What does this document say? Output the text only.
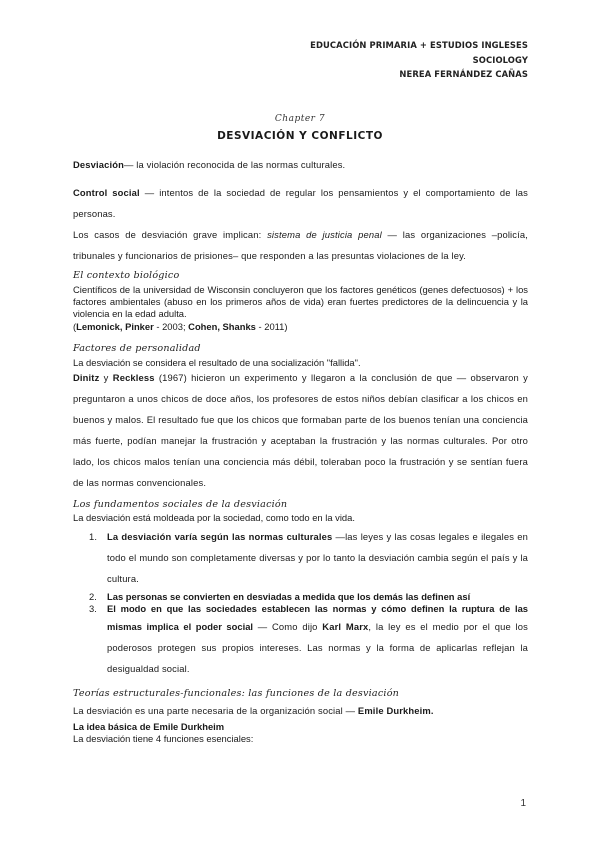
EDUCACIÓN PRIMARIA + ESTUDIOS INGLESES
SOCIOLOGY
NEREA FERNÁNDEZ CAÑAS
Chapter 7
DESVIACIÓN Y CONFLICTO

Desviación— la violación reconocida de las normas culturales.

Control social — intentos de la sociedad de regular los pensamientos y el comportamiento de las personas.

Los casos de desviación grave implican: sistema de justicia penal — las organizaciones –policía, tribunales y funcionarios de prisiones– que responden a las presuntas violaciones de la ley.

El contexto biológico

Científicos de la universidad de Wisconsin concluyeron que los factores genéticos (genes defectuosos) + los factores ambientales (abuso en los primeros años de vida) eran fuertes predictores de la delincuencia y la violencia en la edad adulta.

(Lemonick, Pinker - 2003; Cohen, Shanks - 2011)

Factores de personalidad

La desviación se considera el resultado de una socialización "fallida".

Dinitz y Reckless (1967) hicieron un experimento y llegaron a la conclusión de que — observaron y preguntaron a unos chicos de doce años, los profesores de estos niños debían clasificar a los chicos en buenos y malos. El resultado fue que los chicos que formaban parte de los buenos tenían una conciencia más fuerte, podían manejar la frustración y aceptaban la frustración y las normas culturales. Por otro lado, los chicos malos tenían una conciencia más débil, toleraban poco la frustración y se sentían fuera de las normas convencionales.

Los fundamentos sociales de la desviación

La desviación está moldeada por la sociedad, como todo en la vida.

1. La desviación varía según las normas culturales —las leyes y las cosas legales e ilegales en todo el mundo son completamente diversas y por lo tanto la desviación cambia según el país y la cultura.
2. Las personas se convierten en desviadas a medida que los demás las definen así
3. El modo en que las sociedades establecen las normas y cómo definen la ruptura de las mismas implica el poder social — Como dijo Karl Marx, la ley es el medio por el que los poderosos protegen sus propios intereses. Las normas y la forma de aplicarlas reflejan la desigualdad social.

Teorías estructurales-funcionales: las funciones de la desviación

La desviación es una parte necesaria de la organización social — Emile Durkheim.

La idea básica de Emile Durkheim

La desviación tiene 4 funciones esenciales:

1
